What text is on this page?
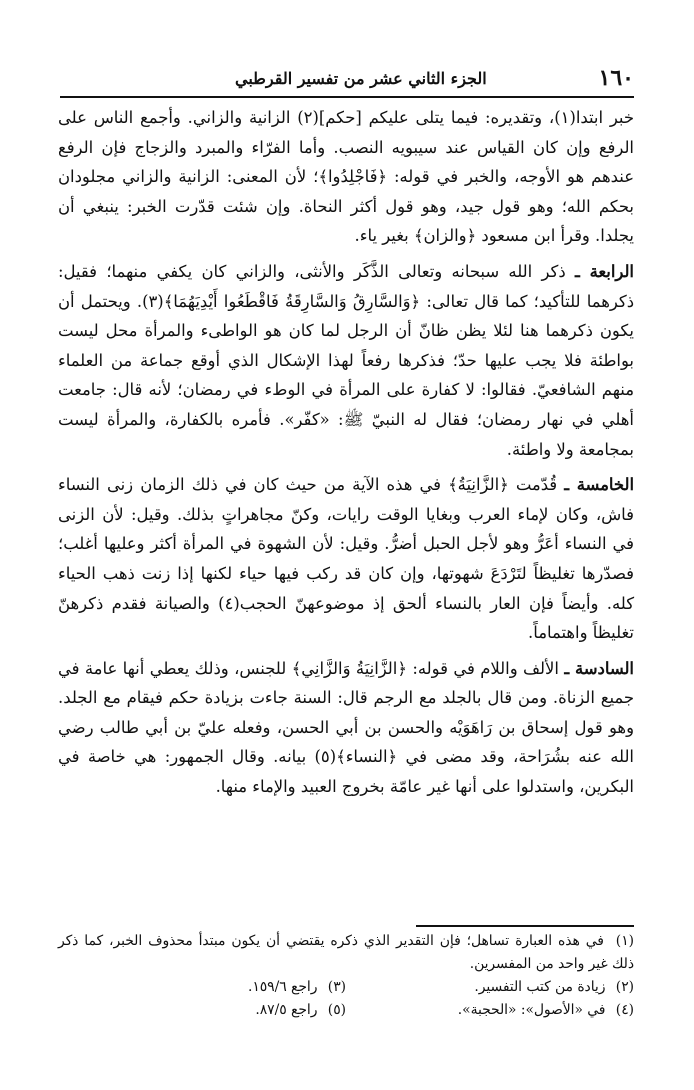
١٦٠
الجزء الثاني عشر من تفسير القرطبي

خبر ابتدا(١)، وتقديره: فيما يتلى عليكم [حكم](٢) الزانية والزاني. وأجمع الناس على الرفع وإن كان القياس عند سيبويه النصب. وأما الفرّاء والمبرد والزجاج فإن الرفع عندهم هو الأوجه، والخبر في قوله: ﴿فَاجْلِدُوا﴾؛ لأن المعنى: الزانية والزاني مجلودان بحكم الله؛ وهو قول جيد، وهو قول أكثر النحاة. وإن شئت قدّرت الخبر: ينبغي أن يجلدا. وقرأ ابن مسعود ﴿والزان﴾ بغير ياء.

الرابعة ـ ذكر الله سبحانه وتعالى الذَّكَر والأنثى، والزاني كان يكفي منهما؛ فقيل: ذكرهما للتأكيد؛ كما قال تعالى: ﴿وَالسَّارِقُ وَالسَّارِقَةُ فَاقْطَعُوا أَيْدِيَهُمَا﴾(٣). ويحتمل أن يكون ذكرهما هنا لئلا يظن ظانّ أن الرجل لما كان هو الواطىء والمرأة محل ليست بواطئة فلا يجب عليها حدّ؛ فذكرها رفعاً لهذا الإشكال الذي أوقع جماعة من العلماء منهم الشافعيّ. فقالوا: لا كفارة على المرأة في الوطء في رمضان؛ لأنه قال: جامعت أهلي في نهار رمضان؛ فقال له النبيّ ﷺ: «كفّر». فأمره بالكفارة، والمرأة ليست بمجامعة ولا واطئة.

الخامسة ـ قُدّمت ﴿الزَّانِيَةُ﴾ في هذه الآية من حيث كان في ذلك الزمان زنى النساء فاش، وكان لإماء العرب وبغايا الوقت رايات، وكنّ مجاهراتٍ بذلك. وقيل: لأن الزنى في النساء أعَرُّ وهو لأجل الحبل أضرُّ. وقيل: لأن الشهوة في المرأة أكثر وعليها أغلب؛ فصدّرها تغليظاً لتَرْدَعَ شهوتها، وإن كان قد ركب فيها حياء لكنها إذا زنت ذهب الحياء كله. وأيضاً فإن العار بالنساء ألحق إذ موضوعهنّ الحجب(٤) والصيانة فقدم ذكرهنّ تغليظاً واهتماماً.

السادسة ـ الألف واللام في قوله: ﴿الزَّانِيَةُ وَالزَّانِي﴾ للجنس، وذلك يعطي أنها عامة في جميع الزناة. ومن قال بالجلد مع الرجم قال: السنة جاءت بزيادة حكم فيقام مع الجلد. وهو قول إسحاق بن رَاهَوَيْه والحسن بن أبي الحسن، وفعله عليّ بن أبي طالب رضي الله عنه بشُرَاحة، وقد مضى في ﴿النساء﴾(٥) بيانه. وقال الجمهور: هي خاصة في البكرين، واستدلوا على أنها غير عامّة بخروج العبيد والإماء منها.

(١) في هذه العبارة تساهل؛ فإن التقدير الذي ذكره يقتضي أن يكون مبتدأ محذوف الخبر، كما ذكر ذلك غير واحد من المفسرين.
(٢) زيادة من كتب التفسير.
(٣) راجع ١٥٩/٦.
(٤) في «الأصول»: «الحجبة».
(٥) راجع ٨٧/٥.
